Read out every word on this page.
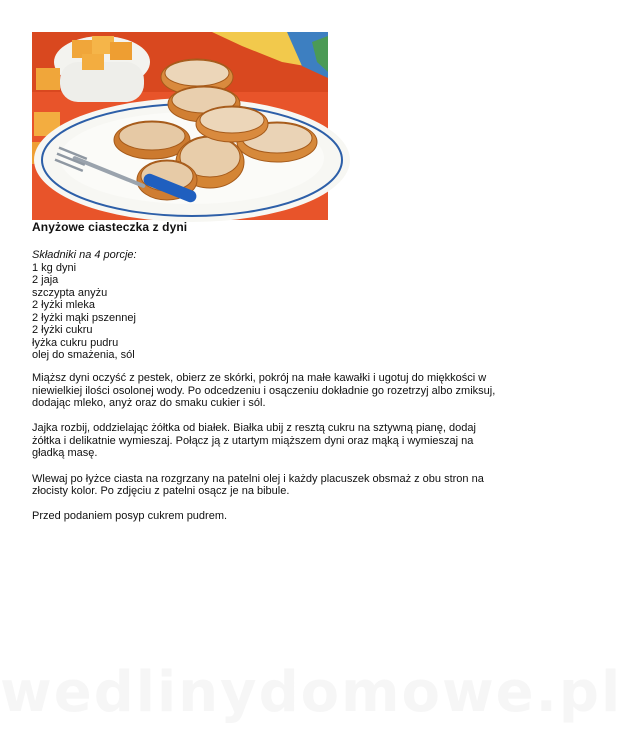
Anyżowe ciasteczka z dyni
Składniki na 4 porcje:
1 kg dyni
2 jaja
szczypta anyżu
2 łyżki mleka
2 łyżki mąki pszennej
2 łyżki cukru
łyżka cukru pudru
olej do smażenia, sól

Miąższ dyni oczyść z pestek, obierz ze skórki, pokrój na małe kawałki i ugotuj do miękkości w niewielkiej ilości osolonej wody. Po odcedzeniu i osączeniu dokładnie go rozetrzyj albo zmiksuj, dodając mleko, anyż oraz do smaku cukier i sól.

Jajka rozbij, oddzielając żółtka od białek. Białka ubij z resztą cukru na sztywną pianę, dodaj żółtka i delikatnie wymieszaj. Połącz ją z utartym miąższem dyni oraz mąką i wymieszaj na gładką masę.

Wlewaj po łyżce ciasta na rozgrzany na patelni olej i każdy placuszek obsmaż z obu stron na złocisty kolor. Po zdjęciu z patelni osącz je na bibule.

Przed podaniem posyp cukrem pudrem.

wedlinydomowe.pl
